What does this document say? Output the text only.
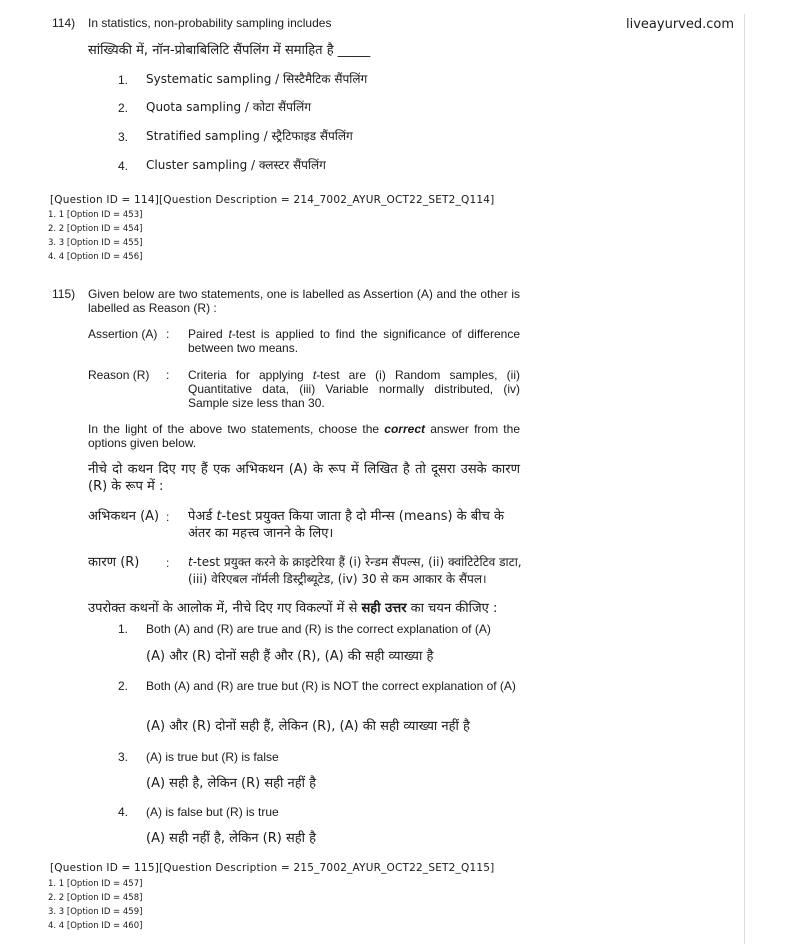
liveayurved.com
114) In statistics, non-probability sampling includes
सांख्यिकी में, नॉन-प्रोबाबिलिटि सैंपलिंग में समाहित है _____
1. Systematic sampling / सिस्टैमैटिक सैंपलिंग
2. Quota sampling / कोटा सैंपलिंग
3. Stratified sampling / स्ट्रैटिफाइड सैंपलिंग
4. Cluster sampling / क्लस्टर सैंपलिंग
[Question ID = 114][Question Description = 214_7002_AYUR_OCT22_SET2_Q114]
1. 1 [Option ID = 453]
2. 2 [Option ID = 454]
3. 3 [Option ID = 455]
4. 4 [Option ID = 456]
115) Given below are two statements, one is labelled as Assertion (A) and the other is labelled as Reason (R) :
Assertion (A) :	Paired t-test is applied to find the significance of difference between two means.
Reason (R)	:	Criteria for applying t-test are (i) Random samples, (ii) Quantitative data, (iii) Variable normally distributed, (iv) Sample size less than 30.
In the light of the above two statements, choose the correct answer from the options given below.
नीचे दो कथन दिए गए हैं एक अभिकथन (A) के रूप में लिखित है तो दूसरा उसके कारण (R) के रूप में :
अभिकथन (A) :	पेअर्ड t-test प्रयुक्त किया जाता है दो मीन्स (means) के बीच के अंतर का महत्त्व जानने के लिए।
कारण (R)	:	t-test प्रयुक्त करने के क्राइटेरिया हैं (i) रेन्डम सैंपल्स, (ii) क्वांटिटेटिव डाटा, (iii) वेरिएबल नॉर्मली डिस्ट्रीब्यूटेड, (iv) 30 से कम आकार के सैंपल।
उपरोक्त कथनों के आलोक में, नीचे दिए गए विकल्पों में से सही उत्तर का चयन कीजिए :
1. Both (A) and (R) are true and (R) is the correct explanation of (A)
(A) और (R) दोनों सही हैं और (R), (A) की सही व्याख्या है
2. Both (A) and (R) are true but (R) is NOT the correct explanation of (A)
(A) और (R) दोनों सही हैं, लेकिन (R), (A) की सही व्याख्या नहीं है
3. (A) is true but (R) is false
(A) सही है, लेकिन (R) सही नहीं है
4. (A) is false but (R) is true
(A) सही नहीं है, लेकिन (R) सही है
[Question ID = 115][Question Description = 215_7002_AYUR_OCT22_SET2_Q115]
1. 1 [Option ID = 457]
2. 2 [Option ID = 458]
3. 3 [Option ID = 459]
4. 4 [Option ID = 460]
